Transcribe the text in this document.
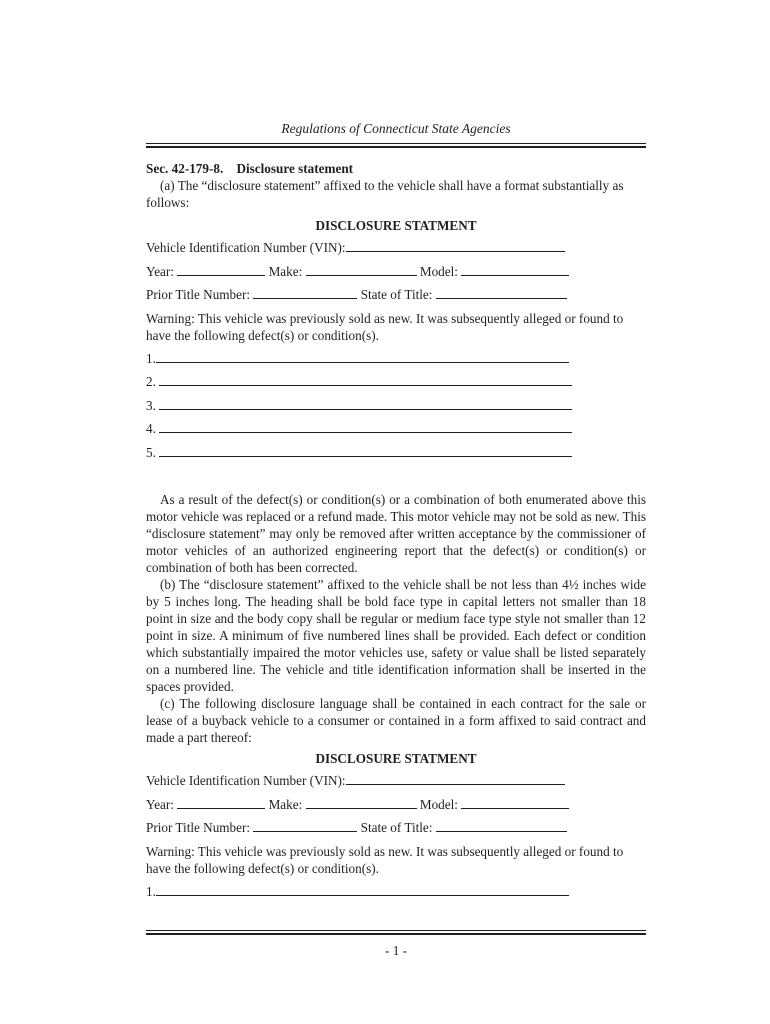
Regulations of Connecticut State Agencies

Sec. 42-179-8. Disclosure statement

(a) The “disclosure statement” affixed to the vehicle shall have a format substantially as follows:

DISCLOSURE STATMENT
Vehicle Identification Number (VIN):
Year:	Make:	Model:
Prior Title Number:	State of Title:

Warning: This vehicle was previously sold as new. It was subsequently alleged or found to have the following defect(s) or condition(s).

1.
2.
3.
4.
5.

As a result of the defect(s) or condition(s) or a combination of both enumerated above this motor vehicle was replaced or a refund made. This motor vehicle may not be sold as new. This “disclosure statement” may only be removed after written acceptance by the commissioner of motor vehicles of an authorized engineering report that the defect(s) or condition(s) or combination of both has been corrected.

(b) The “disclosure statement” affixed to the vehicle shall be not less than 4½ inches wide by 5 inches long. The heading shall be bold face type in capital letters not smaller than 18 point in size and the body copy shall be regular or medium face type style not smaller than 12 point in size. A minimum of five numbered lines shall be provided. Each defect or condition which substantially impaired the motor vehicles use, safety or value shall be listed separately on a numbered line. The vehicle and title identification information shall be inserted in the spaces provided.

(c) The following disclosure language shall be contained in each contract for the sale or lease of a buyback vehicle to a consumer or contained in a form affixed to said contract and made a part thereof:

DISCLOSURE STATMENT
Vehicle Identification Number (VIN):
Year:	Make:	Model:
Prior Title Number:	State of Title:

Warning: This vehicle was previously sold as new. It was subsequently alleged or found to have the following defect(s) or condition(s).

1.
- 1 -
